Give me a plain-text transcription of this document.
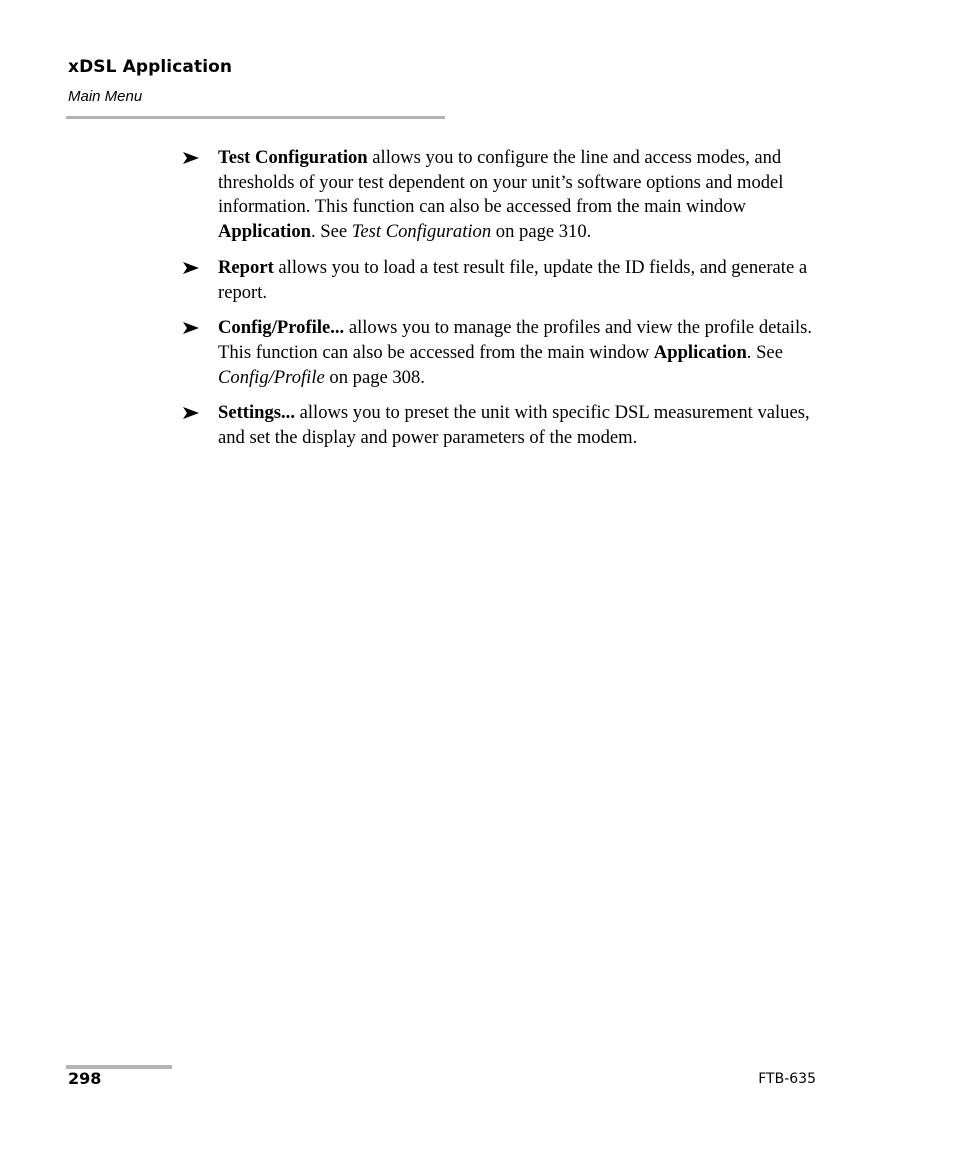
xDSL Application
Main Menu
Test Configuration allows you to configure the line and access modes, and thresholds of your test dependent on your unit’s software options and model information. This function can also be accessed from the main window Application. See Test Configuration on page 310.
Report allows you to load a test result file, update the ID fields, and generate a report.
Config/Profile... allows you to manage the profiles and view the profile details. This function can also be accessed from the main window Application. See Config/Profile on page 308.
Settings... allows you to preset the unit with specific DSL measurement values, and set the display and power parameters of the modem.
298	FTB-635
